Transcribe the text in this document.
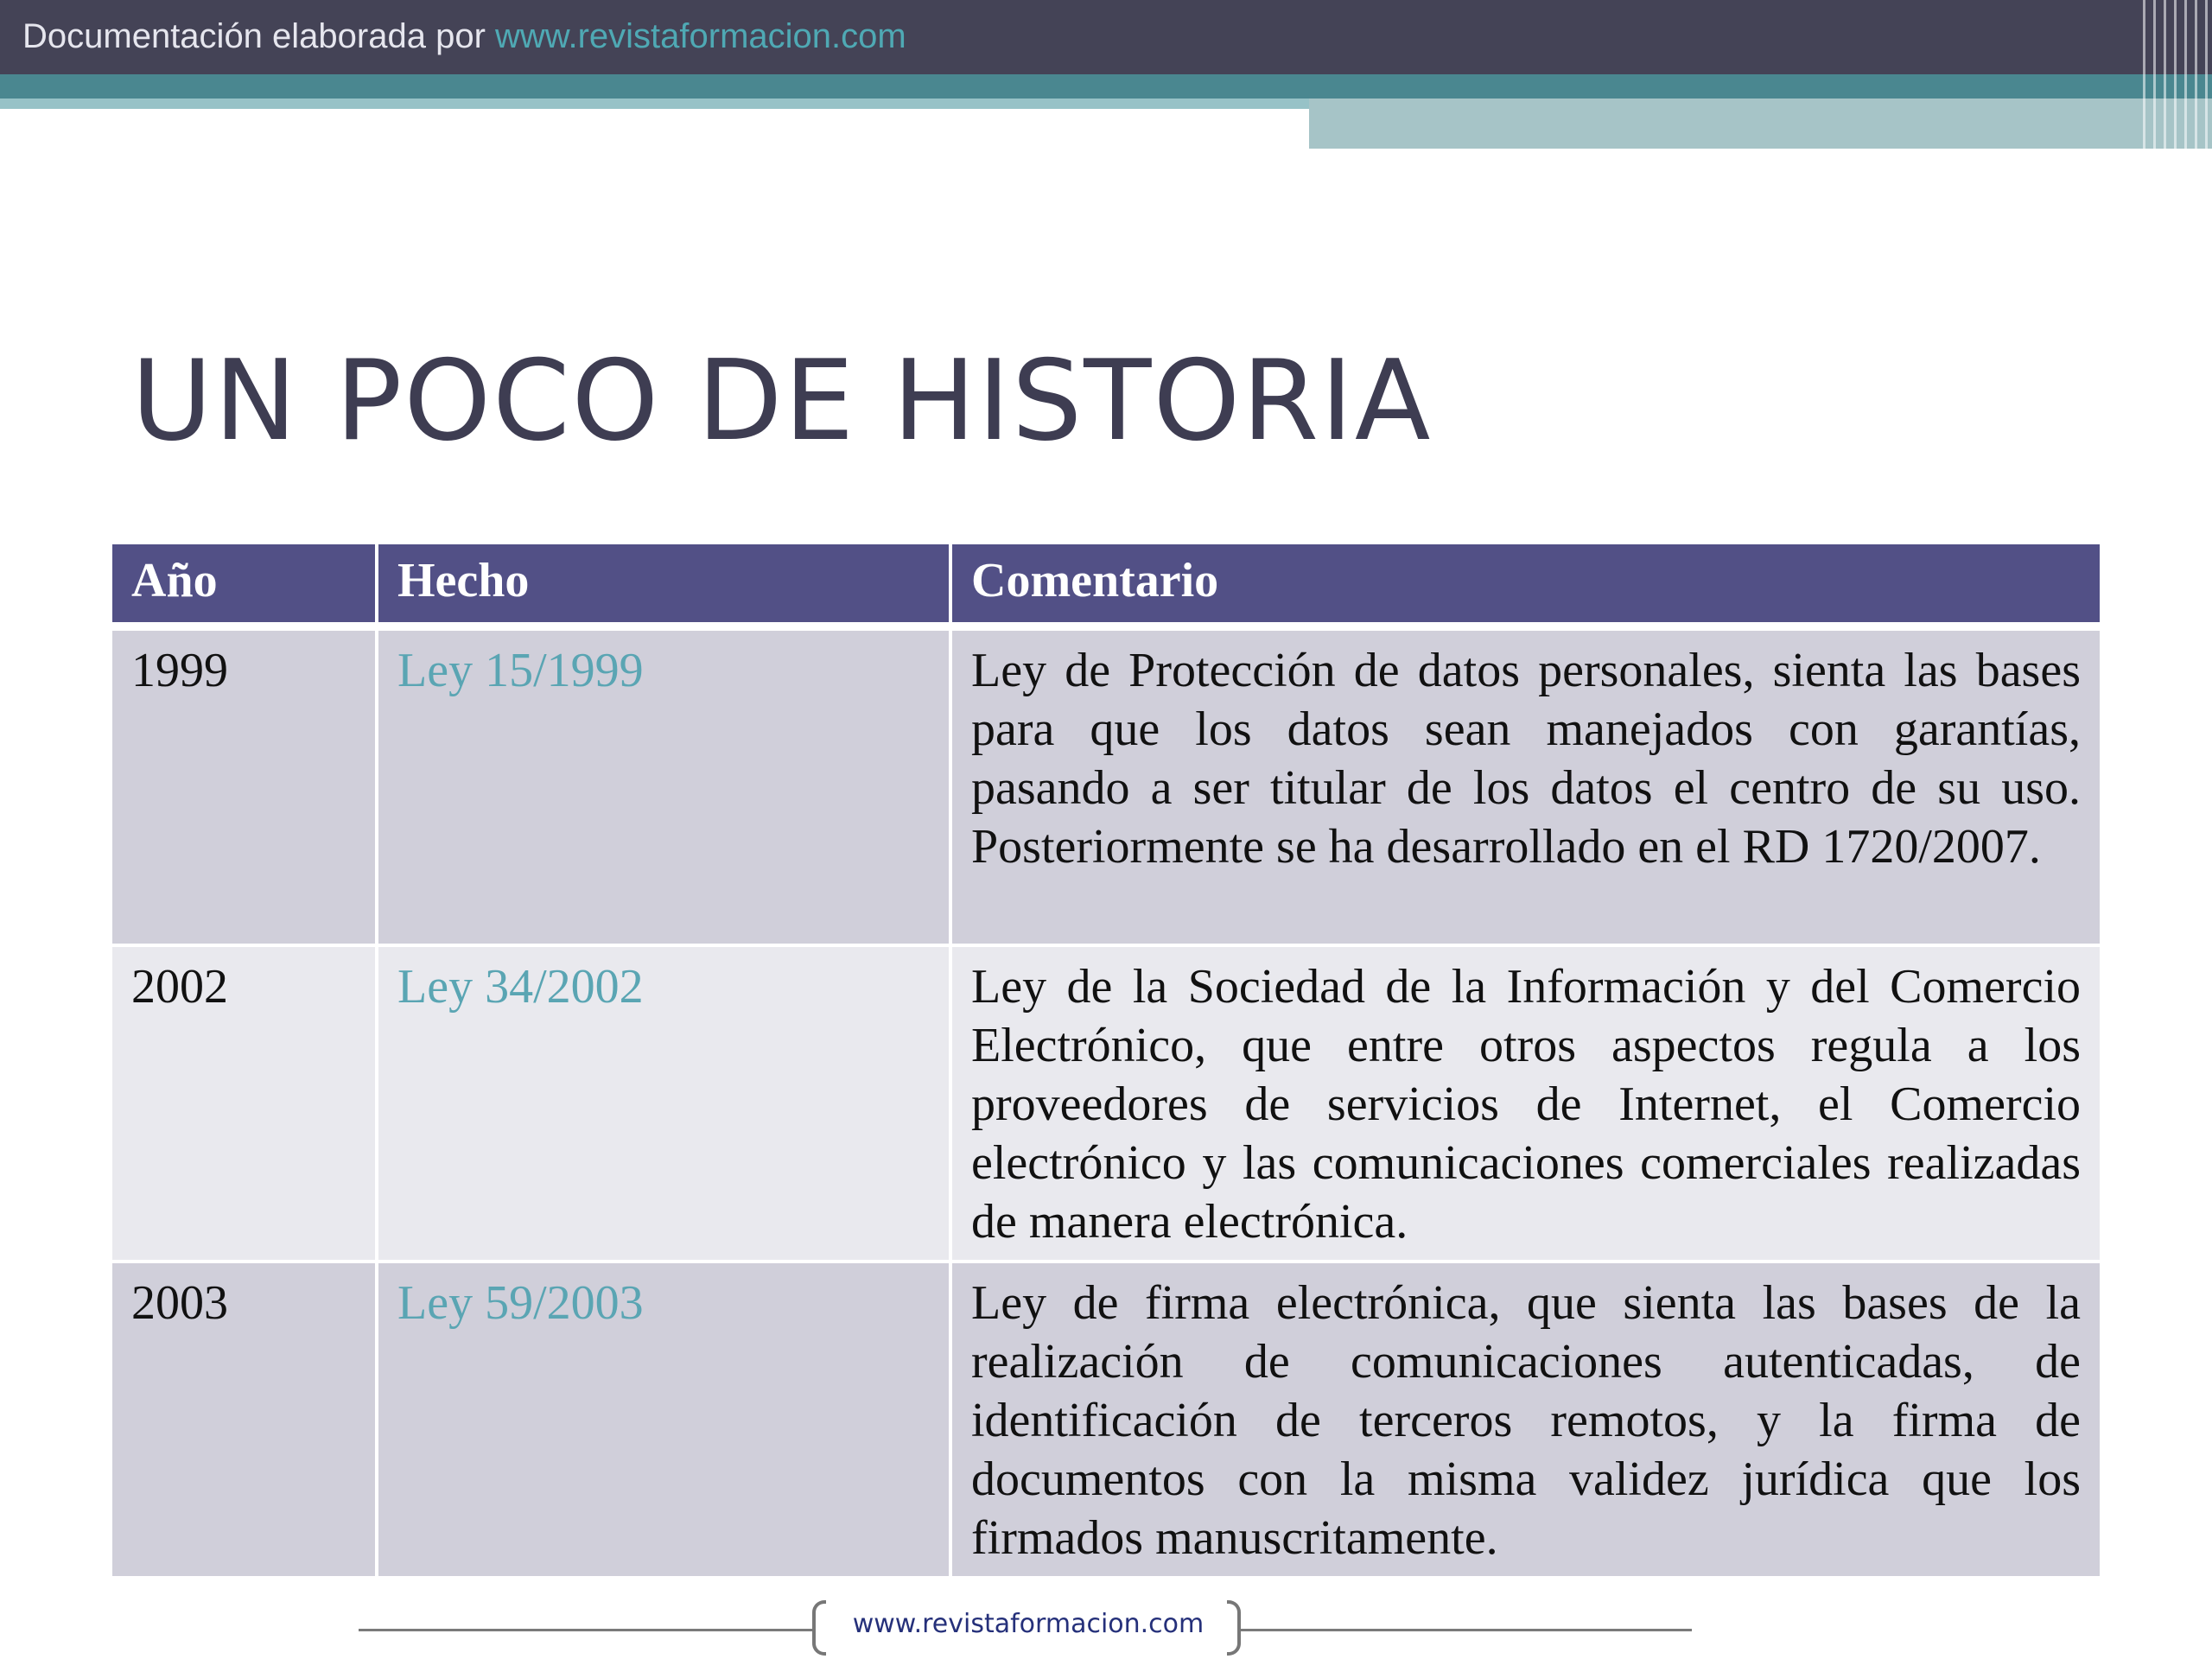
Documentación elaborada por www.revistaformacion.com
UN POCO DE HISTORIA
Año	Hecho	Comentario
1999	Ley 15/1999	Ley de Protección de datos personales, sienta las bases para que los datos sean manejados con garantías, pasando a ser titular de los datos el centro de su uso. Posteriormente se ha desarrollado en el RD 1720/2007.
2002	Ley 34/2002	Ley de la Sociedad de la Información y del Comercio Electrónico, que entre otros aspectos regula a los proveedores de servicios de Internet, el Comercio electrónico y las comunicaciones comerciales realizadas de manera electrónica.
2003	Ley 59/2003	Ley de firma electrónica, que sienta las bases de la realización de comunicaciones autenticadas, de identificación de terceros remotos, y la firma de documentos con la misma validez jurídica que los firmados manuscritamente.
www.revistaformacion.com
